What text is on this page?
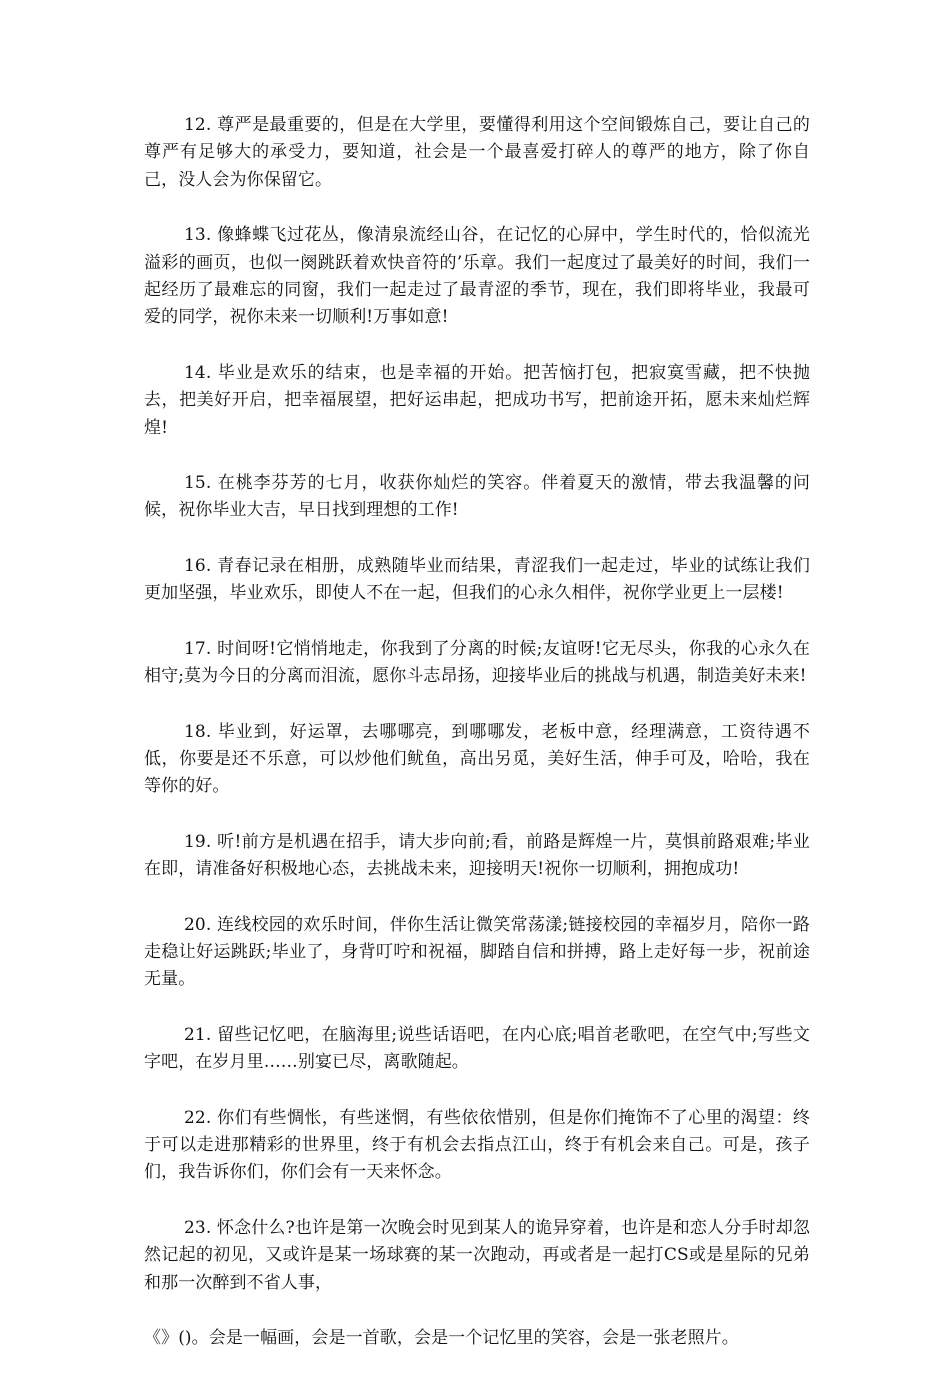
12. 尊严是最重要的，但是在大学里，要懂得利用这个空间锻炼自己，要让自己的尊严有足够大的承受力，要知道，社会是一个最喜爱打碎人的尊严的地方，除了你自己，没人会为你保留它。

13. 像蜂蝶飞过花丛，像清泉流经山谷，在记忆的心屏中，学生时代的，恰似流光溢彩的画页，也似一阕跳跃着欢快音符的’乐章。我们一起度过了最美好的时间，我们一起经历了最难忘的同窗，我们一起走过了最青涩的季节，现在，我们即将毕业，我最可爱的同学，祝你未来一切顺利!万事如意!

14. 毕业是欢乐的结束，也是幸福的开始。把苦恼打包，把寂寞雪藏，把不快抛去，把美好开启，把幸福展望，把好运串起，把成功书写，把前途开拓，愿未来灿烂辉煌!

15. 在桃李芬芳的七月，收获你灿烂的笑容。伴着夏天的激情，带去我温馨的问候，祝你毕业大吉，早日找到理想的工作!

16. 青春记录在相册，成熟随毕业而结果，青涩我们一起走过，毕业的试练让我们更加坚强，毕业欢乐，即使人不在一起，但我们的心永久相伴，祝你学业更上一层楼!

17. 时间呀!它悄悄地走，你我到了分离的时候;友谊呀!它无尽头，你我的心永久在相守;莫为今日的分离而泪流，愿你斗志昂扬，迎接毕业后的挑战与机遇，制造美好未来!

18. 毕业到，好运罩，去哪哪亮，到哪哪发，老板中意，经理满意，工资待遇不低，你要是还不乐意，可以炒他们鱿鱼，高出另觅，美好生活，伸手可及，哈哈，我在等你的好。

19. 听!前方是机遇在招手，请大步向前;看，前路是辉煌一片，莫惧前路艰难;毕业在即，请准备好积极地心态，去挑战未来，迎接明天!祝你一切顺利，拥抱成功!

20. 连线校园的欢乐时间，伴你生活让微笑常荡漾;链接校园的幸福岁月，陪你一路走稳让好运跳跃;毕业了，身背叮咛和祝福，脚踏自信和拼搏，路上走好每一步，祝前途无量。

21. 留些记忆吧，在脑海里;说些话语吧，在内心底;唱首老歌吧，在空气中;写些文字吧，在岁月里……别宴已尽，离歌随起。

22. 你们有些惆怅，有些迷惘，有些依依惜别，但是你们掩饰不了心里的渴望：终于可以走进那精彩的世界里，终于有机会去指点江山，终于有机会来自己。可是，孩子们，我告诉你们，你们会有一天来怀念。

23. 怀念什么?也许是第一次晚会时见到某人的诡异穿着，也许是和恋人分手时却忽然记起的初见，又或许是某一场球赛的某一次跑动，再或者是一起打CS或是星际的兄弟和那一次醉到不省人事，

《》()。会是一幅画，会是一首歌，会是一个记忆里的笑容，会是一张老照片。
